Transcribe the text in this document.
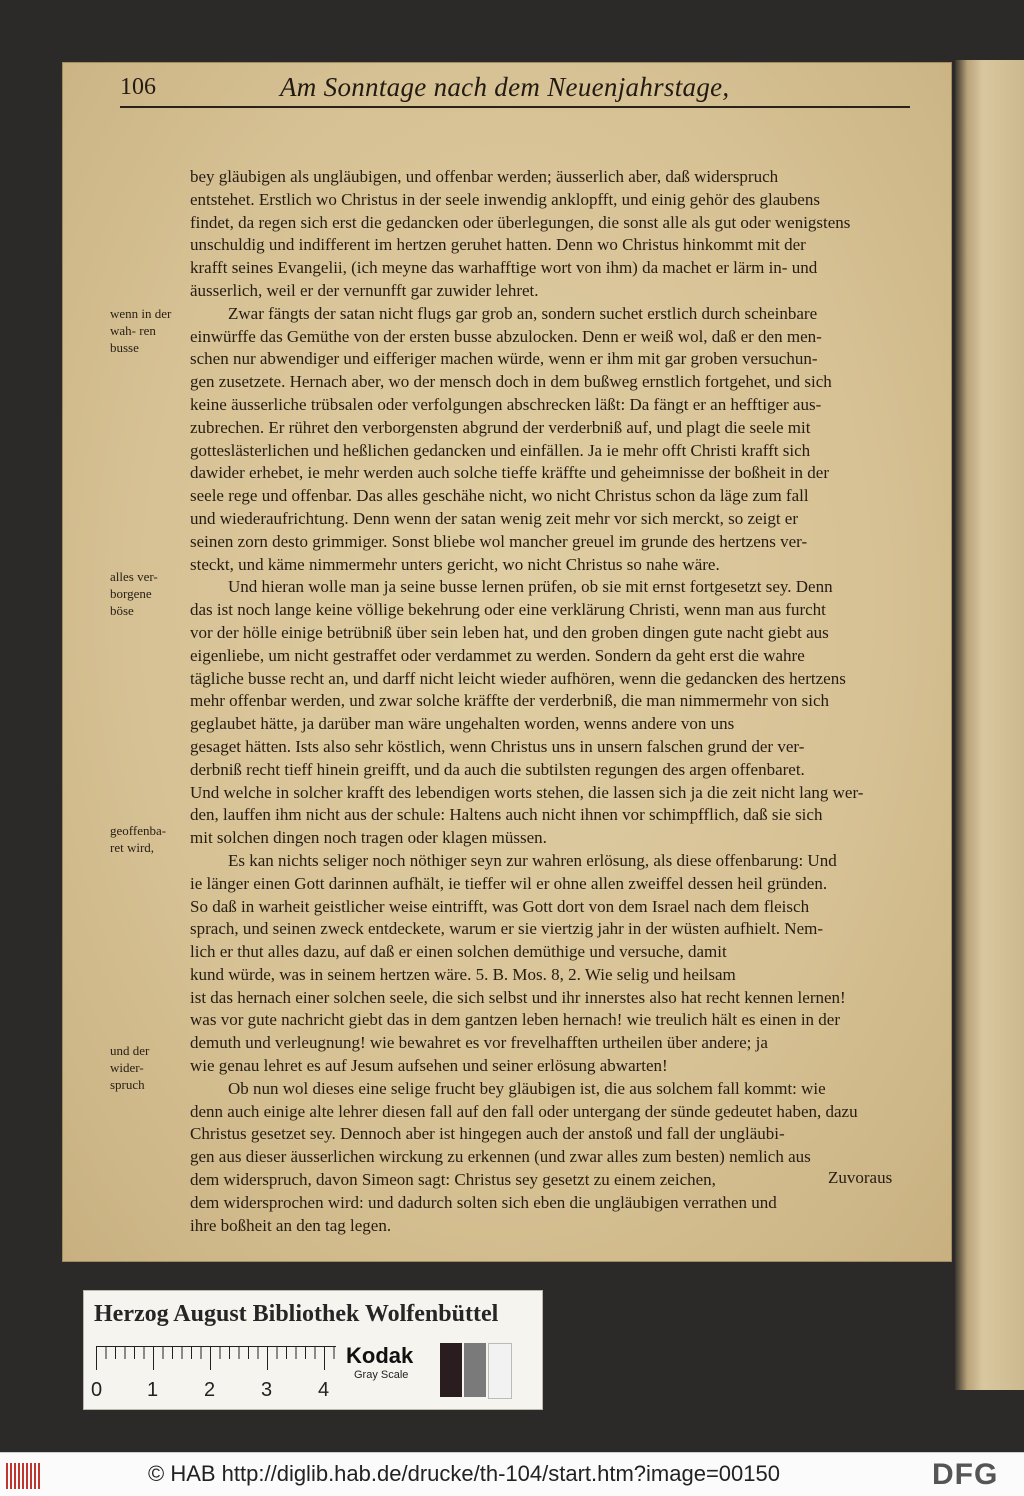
106	Am Sonntage nach dem Neuenjahrstage,

bey gläubigen als ungläubigen, und offenbar werden; äusserlich aber, daß widerspruch

entstehet. Erstlich wo Christus in der seele inwendig anklopfft, und einig gehör des glaubens

findet, da regen sich erst die gedancken oder überlegungen, die sonst alle als gut oder wenigstens

unschuldig und indifferent im hertzen geruhet hatten. Denn wo Christus hinkommt mit der

krafft seines Evangelii, (ich meyne das warhafftige wort von ihm) da machet er lärm in- und

äusserlich, weil er der vernunfft gar zuwider lehret.

Zwar fängts der satan nicht flugs gar grob an, sondern suchet erstlich durch scheinbare

einwürffe das Gemüthe von der ersten busse abzulocken. Denn er weiß wol, daß er den men-

schen nur abwendiger und eifferiger machen würde, wenn er ihm mit gar groben versuchun-

gen zusetzete. Hernach aber, wo der mensch doch in dem bußweg ernstlich fortgehet, und sich

keine äusserliche trübsalen oder verfolgungen abschrecken läßt: Da fängt er an hefftiger aus-

zubrechen. Er rühret den verborgensten abgrund der verderbniß auf, und plagt die seele mit

gotteslästerlichen und heßlichen gedancken und einfällen. Ja ie mehr offt Christi krafft sich

dawider erhebet, ie mehr werden auch solche tieffe kräffte und geheimnisse der boßheit in der

seele rege und offenbar. Das alles geschähe nicht, wo nicht Christus schon da läge zum fall

und wiederaufrichtung. Denn wenn der satan wenig zeit mehr vor sich merckt, so zeigt er

seinen zorn desto grimmiger. Sonst bliebe wol mancher greuel im grunde des hertzens ver-

steckt, und käme nimmermehr unters gericht, wo nicht Christus so nahe wäre.

Und hieran wolle man ja seine busse lernen prüfen, ob sie mit ernst fortgesetzt sey. Denn

das ist noch lange keine völlige bekehrung oder eine verklärung Christi, wenn man aus furcht

vor der hölle einige betrübniß über sein leben hat, und den groben dingen gute nacht giebt aus

eigenliebe, um nicht gestraffet oder verdammet zu werden. Sondern da geht erst die wahre

tägliche busse recht an, und darff nicht leicht wieder aufhören, wenn die gedancken des hertzens

mehr offenbar werden, und zwar solche kräffte der verderbniß, die man nimmermehr von sich

geglaubet hätte, ja darüber man wäre ungehalten worden, wenns andere von uns

gesaget hätten. Ists also sehr köstlich, wenn Christus uns in unsern falschen grund der ver-

derbniß recht tieff hinein greifft, und da auch die subtilsten regungen des argen offenbaret.

Und welche in solcher krafft des lebendigen worts stehen, die lassen sich ja die zeit nicht lang wer-

den, lauffen ihm nicht aus der schule: Haltens auch nicht ihnen vor schimpfflich, daß sie sich

mit solchen dingen noch tragen oder klagen müssen.

Es kan nichts seliger noch nöthiger seyn zur wahren erlösung, als diese offenbarung: Und

ie länger einen Gott darinnen aufhält, ie tieffer wil er ohne allen zweiffel dessen heil gründen.

So daß in warheit geistlicher weise eintrifft, was Gott dort von dem Israel nach dem fleisch

sprach, und seinen zweck entdeckete, warum er sie viertzig jahr in der wüsten aufhielt. Nem-

lich er thut alles dazu, auf daß er einen solchen demüthige und versuche, damit

kund würde, was in seinem hertzen wäre. 5. B. Mos. 8, 2. Wie selig und heilsam

ist das hernach einer solchen seele, die sich selbst und ihr innerstes also hat recht kennen lernen!

was vor gute nachricht giebt das in dem gantzen leben hernach! wie treulich hält es einen in der

demuth und verleugnung! wie bewahret es vor frevelhafften urtheilen über andere; ja

wie genau lehret es auf Jesum aufsehen und seiner erlösung abwarten!

Ob nun wol dieses eine selige frucht bey gläubigen ist, die aus solchem fall kommt: wie

denn auch einige alte lehrer diesen fall auf den fall oder untergang der sünde gedeutet haben, dazu

Christus gesetzet sey. Dennoch aber ist hingegen auch der anstoß und fall der ungläubi-

gen aus dieser äusserlichen wirckung zu erkennen (und zwar alles zum besten) nemlich aus

dem widerspruch, davon Simeon sagt: Christus sey gesetzt zu einem zeichen,

dem widersprochen wird: und dadurch solten sich eben die ungläubigen verrathen und

ihre boßheit an den tag legen.

wenn in der wah- ren busse
alles ver- borgene böse
geoffenba- ret wird,
und der wider- spruch
Zuvoraus
Herzog August Bibliothek Wolfenbüttel
0 1 2 3 4
Kodak
Gray Scale
© HAB http://diglib.hab.de/drucke/th-104/start.htm?image=00150	DFG
